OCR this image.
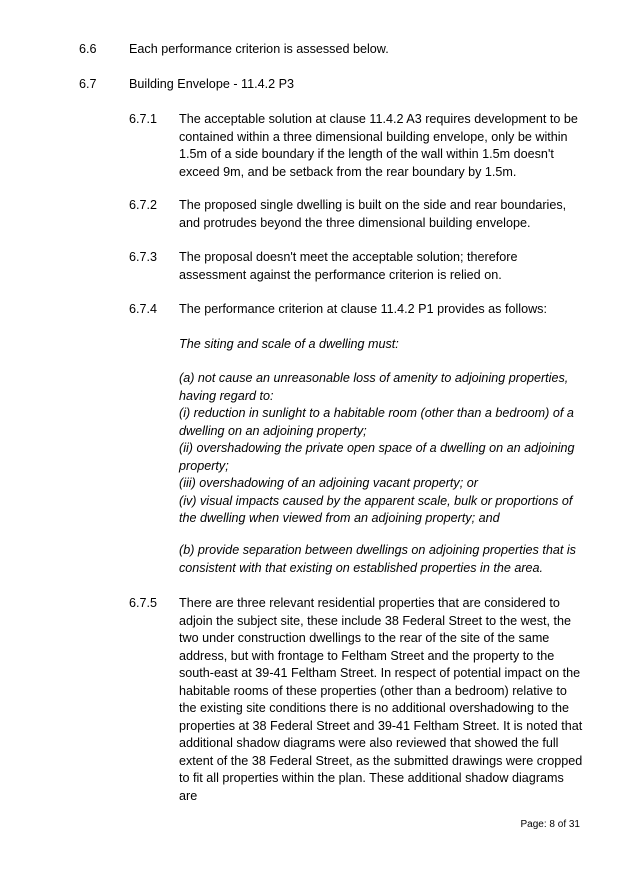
6.6	Each performance criterion is assessed below.
6.7	Building Envelope - 11.4.2 P3
6.7.1 The acceptable solution at clause 11.4.2 A3 requires development to be contained within a three dimensional building envelope, only be within 1.5m of a side boundary if the length of the wall within 1.5m doesn't exceed 9m, and be setback from the rear boundary by 1.5m.
6.7.2 The proposed single dwelling is built on the side and rear boundaries, and protrudes beyond the three dimensional building envelope.
6.7.3 The proposal doesn't meet the acceptable solution; therefore assessment against the performance criterion is relied on.
6.7.4 The performance criterion at clause 11.4.2 P1 provides as follows:
The siting and scale of a dwelling must:
(a) not cause an unreasonable loss of amenity to adjoining properties, having regard to:
(i) reduction in sunlight to a habitable room (other than a bedroom) of a dwelling on an adjoining property;
(ii) overshadowing the private open space of a dwelling on an adjoining property;
(iii) overshadowing of an adjoining vacant property; or
(iv) visual impacts caused by the apparent scale, bulk or proportions of the dwelling when viewed from an adjoining property; and
(b) provide separation between dwellings on adjoining properties that is consistent with that existing on established properties in the area.
6.7.5 There are three relevant residential properties that are considered to adjoin the subject site, these include 38 Federal Street to the west, the two under construction dwellings to the rear of the site of the same address, but with frontage to Feltham Street and the property to the south-east at 39-41 Feltham Street. In respect of potential impact on the habitable rooms of these properties (other than a bedroom) relative to the existing site conditions there is no additional overshadowing to the properties at 38 Federal Street and 39-41 Feltham Street. It is noted that additional shadow diagrams were also reviewed that showed the full extent of the 38 Federal Street, as the submitted drawings were cropped to fit all properties within the plan. These additional shadow diagrams are
Page: 8 of 31
